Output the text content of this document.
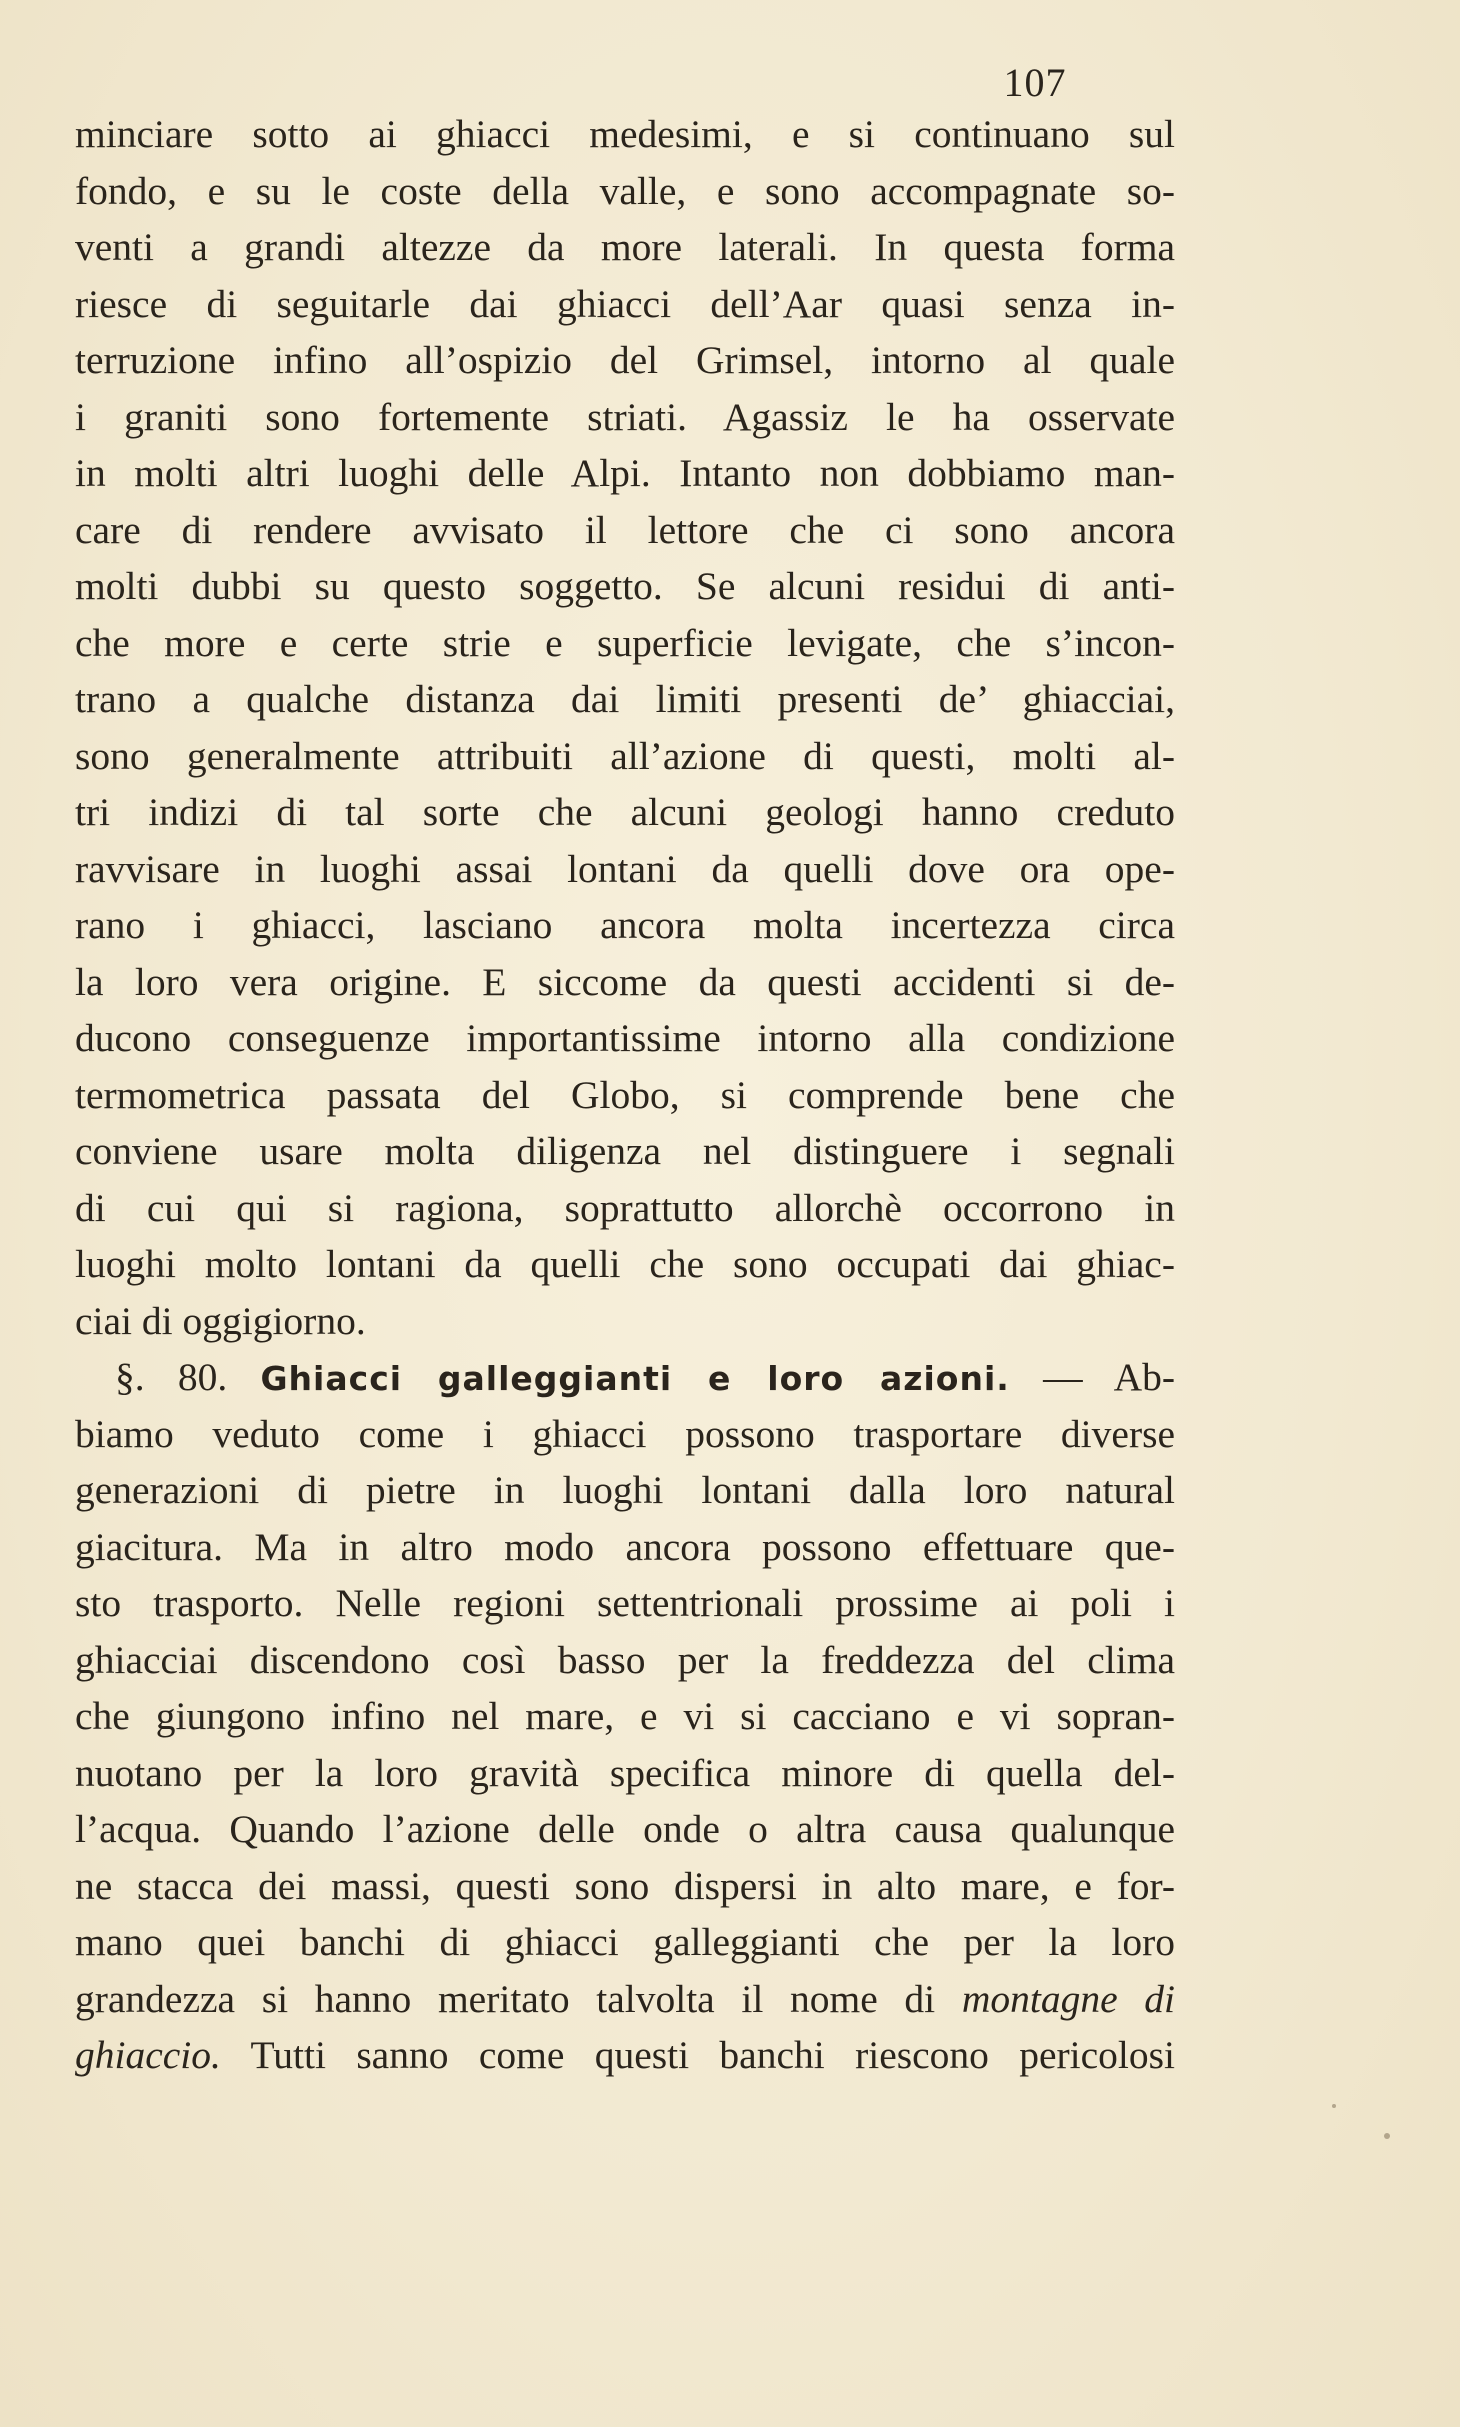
107
minciare sotto ai ghiacci medesimi, e si continuano sul
fondo, e su le coste della valle, e sono accompagnate so-
venti a grandi altezze da more laterali. In questa forma
riesce di seguitarle dai ghiacci dell’Aar quasi senza in-
terruzione infino all’ospizio del Grimsel, intorno al quale
i graniti sono fortemente striati. Agassiz le ha osservate
in molti altri luoghi delle Alpi. Intanto non dobbiamo man-
care di rendere avvisato il lettore che ci sono ancora
molti dubbi su questo soggetto. Se alcuni residui di anti-
che more e certe strie e superficie levigate, che s’incon-
trano a qualche distanza dai limiti presenti de’ ghiacciai,
sono generalmente attribuiti all’azione di questi, molti al-
tri indizi di tal sorte che alcuni geologi hanno creduto
ravvisare in luoghi assai lontani da quelli dove ora ope-
rano i ghiacci, lasciano ancora molta incertezza circa
la loro vera origine. E siccome da questi accidenti si de-
ducono conseguenze importantissime intorno alla condizione
termometrica passata del Globo, si comprende bene che
conviene usare molta diligenza nel distinguere i segnali
di cui qui si ragiona, soprattutto allorchè occorrono in
luoghi molto lontani da quelli che sono occupati dai ghiac-
ciai di oggigiorno.
§. 80. Ghiacci galleggianti e loro azioni. — Ab-
biamo veduto come i ghiacci possono trasportare diverse
generazioni di pietre in luoghi lontani dalla loro natural
giacitura. Ma in altro modo ancora possono effettuare que-
sto trasporto. Nelle regioni settentrionali prossime ai poli i
ghiacciai discendono così basso per la freddezza del clima
che giungono infino nel mare, e vi si cacciano e vi sopran-
nuotano per la loro gravità specifica minore di quella del-
l’acqua. Quando l’azione delle onde o altra causa qualunque
ne stacca dei massi, questi sono dispersi in alto mare, e for-
mano quei banchi di ghiacci galleggianti che per la loro
grandezza si hanno meritato talvolta il nome di montagne di
ghiaccio. Tutti sanno come questi banchi riescono pericolosi
